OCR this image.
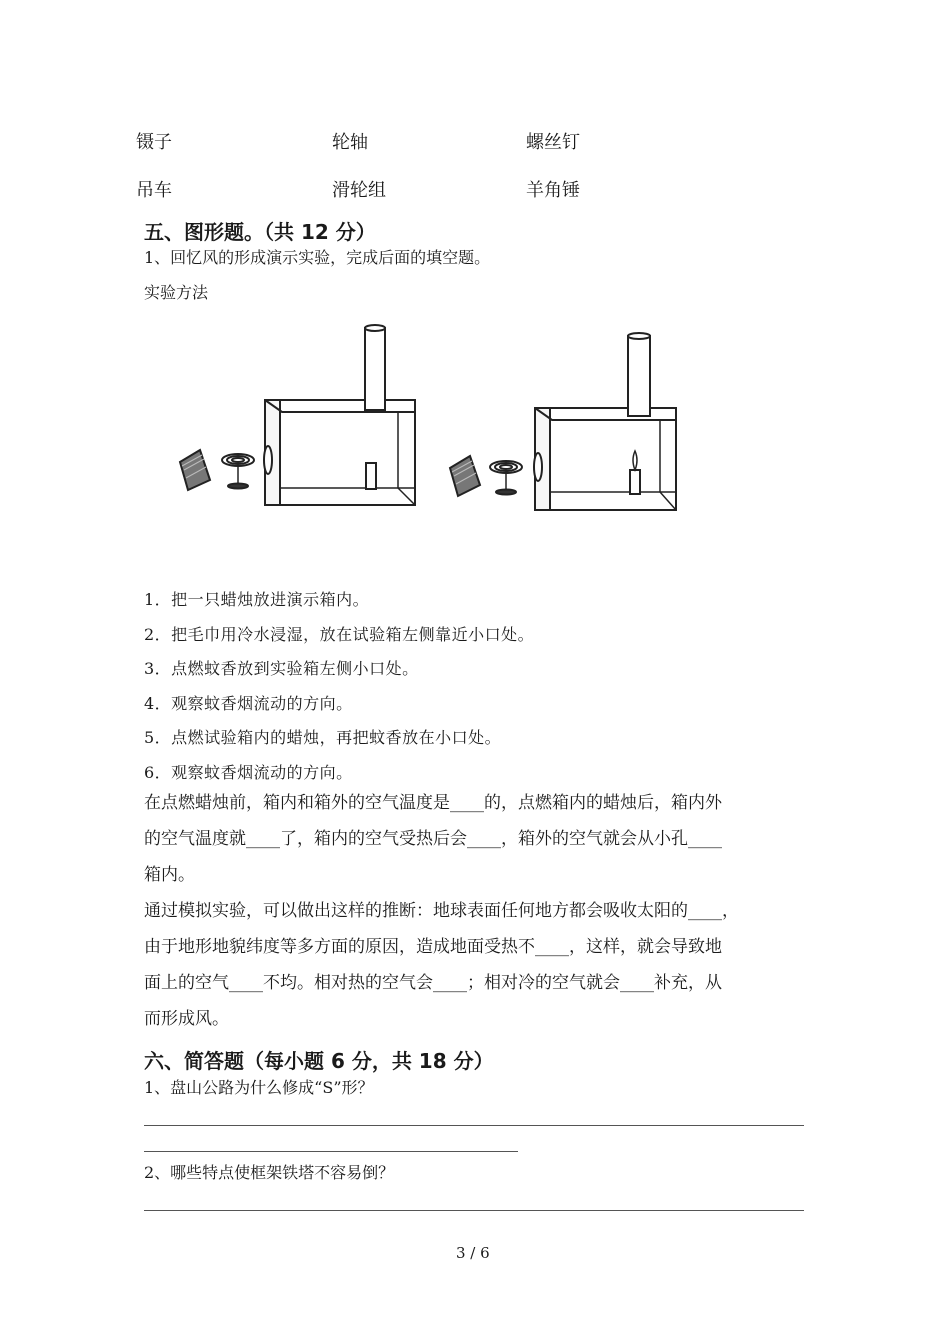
镊子	轮轴	螺丝钉
吊车	滑轮组	羊角锤
五、图形题。（共 12 分）
1、回忆风的形成演示实验，完成后面的填空题。
实验方法
1．把一只蜡烛放进演示箱内。
2．把毛巾用冷水浸湿，放在试验箱左侧靠近小口处。
3．点燃蚊香放到实验箱左侧小口处。
4．观察蚊香烟流动的方向。
5．点燃试验箱内的蜡烛，再把蚊香放在小口处。
6．观察蚊香烟流动的方向。
在点燃蜡烛前，箱内和箱外的空气温度是____的，点燃箱内的蜡烛后，箱内外
的空气温度就____了，箱内的空气受热后会____，箱外的空气就会从小孔____
箱内。
通过模拟实验，可以做出这样的推断：地球表面任何地方都会吸收太阳的____，
由于地形地貌纬度等多方面的原因，造成地面受热不____，这样，就会导致地
面上的空气____不均。相对热的空气会____；相对冷的空气就会____补充，从
而形成风。
六、简答题（每小题 6 分，共 18 分）
1、盘山公路为什么修成“S”形？
2、哪些特点使框架铁塔不容易倒？
3 / 6
